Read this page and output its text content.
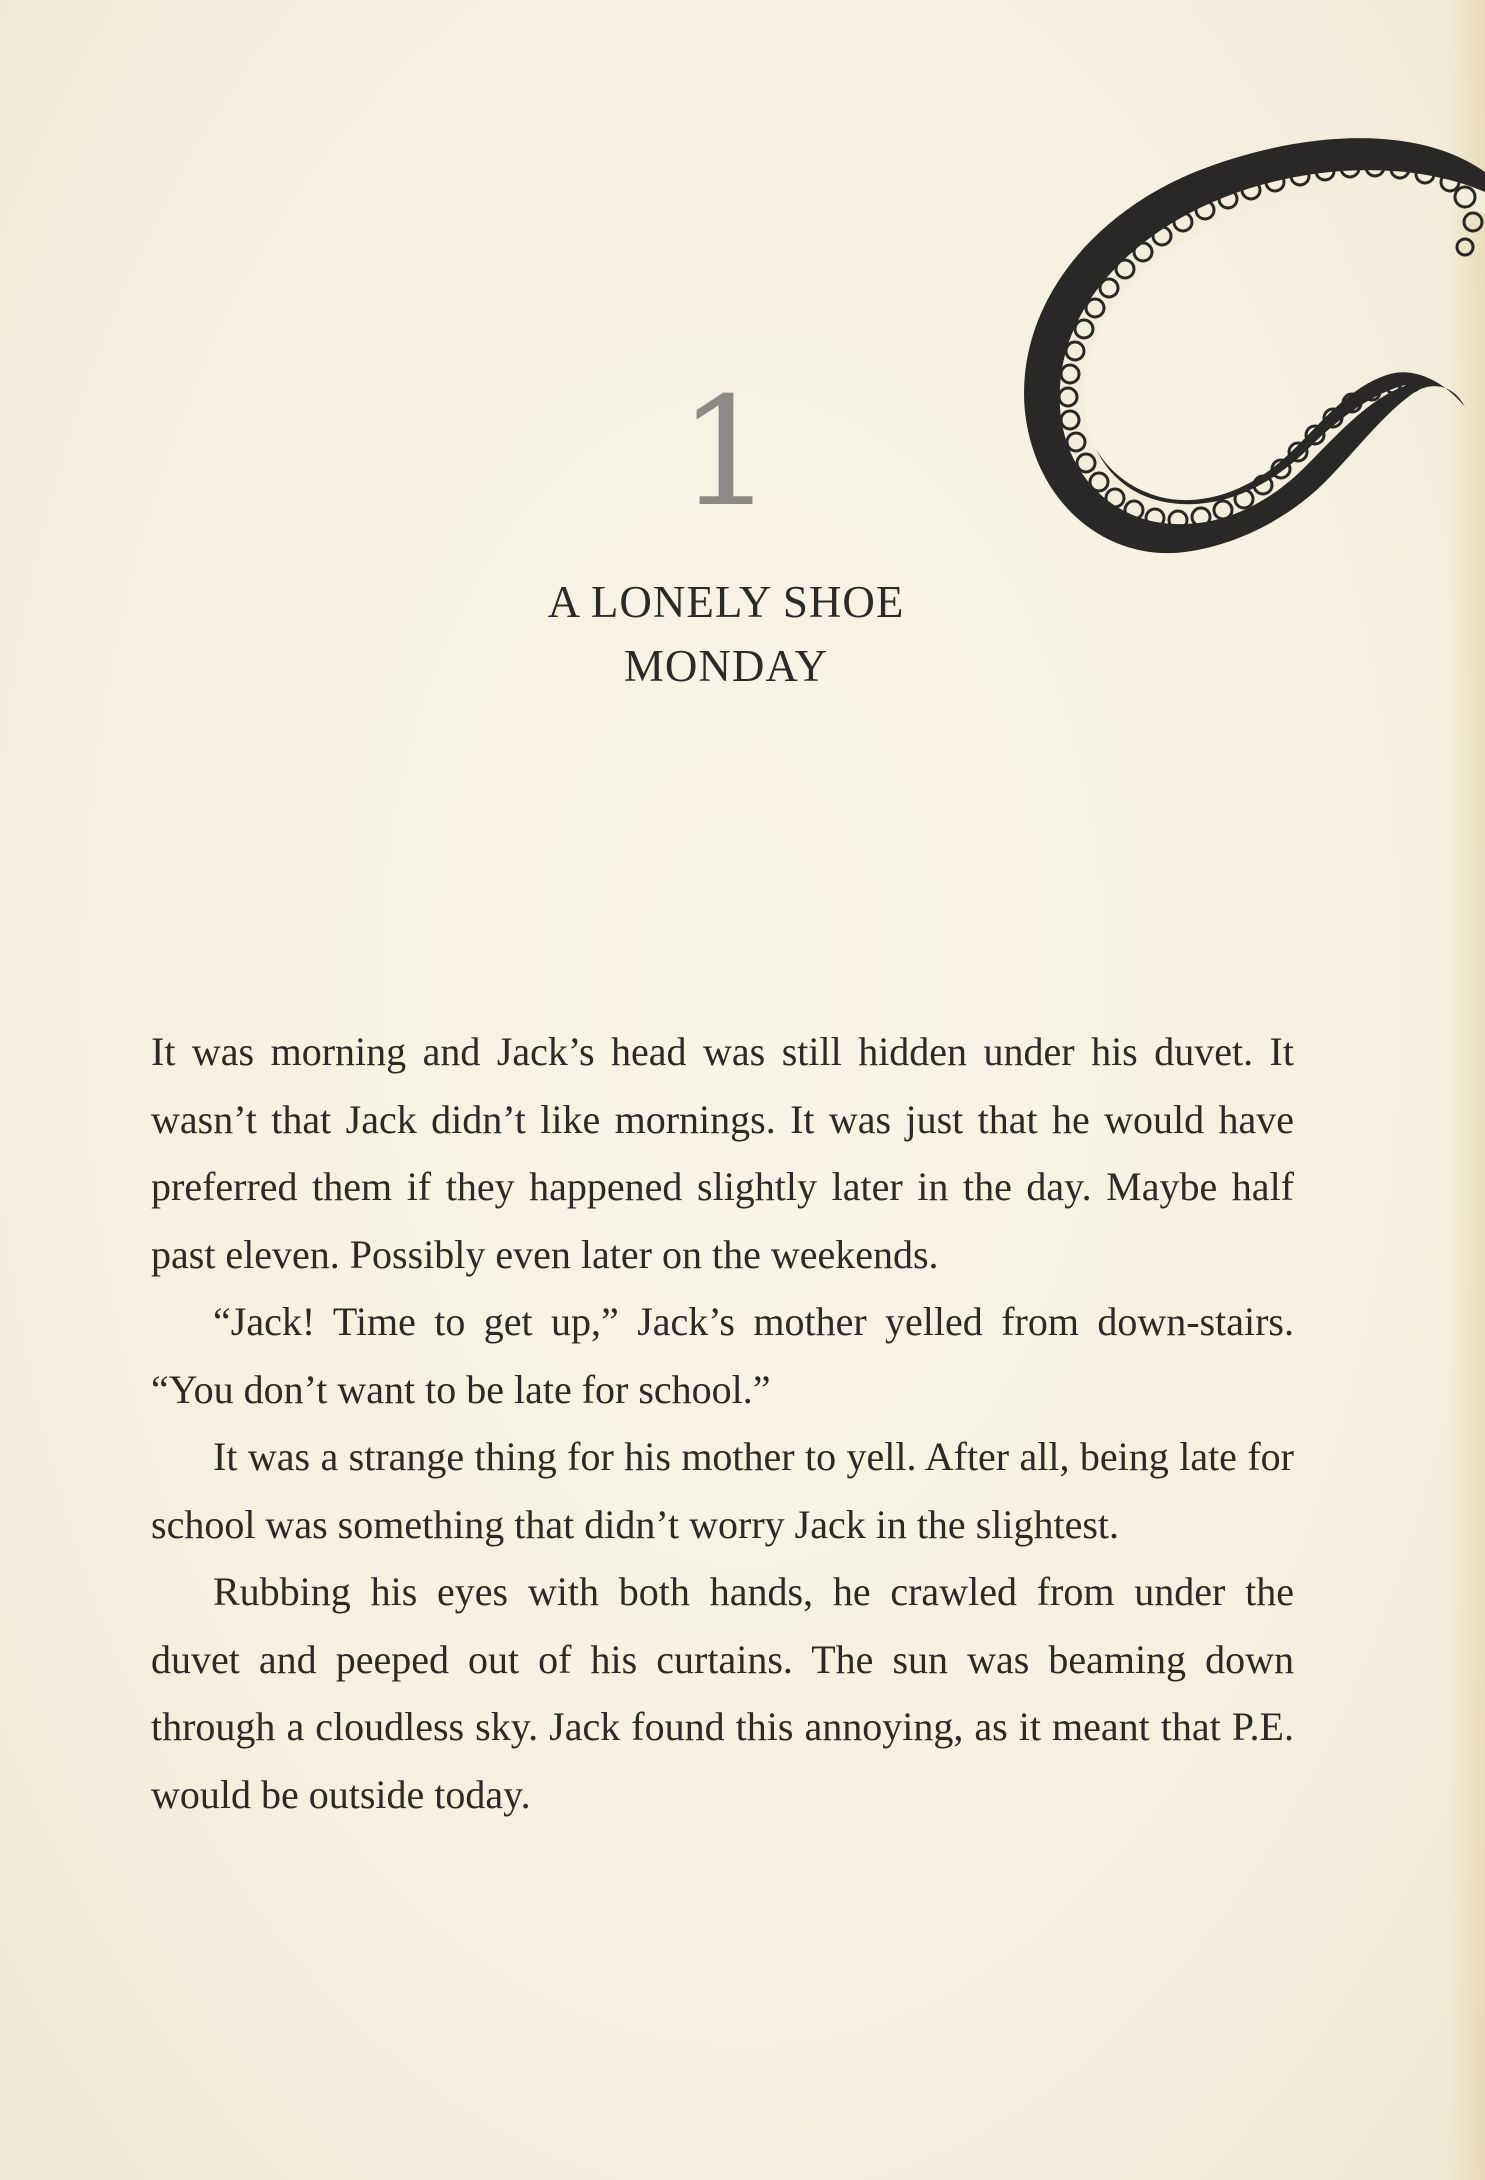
1
A LONELY SHOE
MONDAY

It was morning and Jack’s head was still hidden under his duvet. It wasn’t that Jack didn’t like mornings. It was just that he would have preferred them if they happened slightly later in the day. Maybe half past eleven. Possibly even later on the weekends.

“Jack! Time to get up,” Jack’s mother yelled from down-stairs. “You don’t want to be late for school.”

It was a strange thing for his mother to yell. After all, being late for school was something that didn’t worry Jack in the slightest.

Rubbing his eyes with both hands, he crawled from under the duvet and peeped out of his curtains. The sun was beaming down through a cloudless sky. Jack found this annoying, as it meant that P.E. would be outside today.
